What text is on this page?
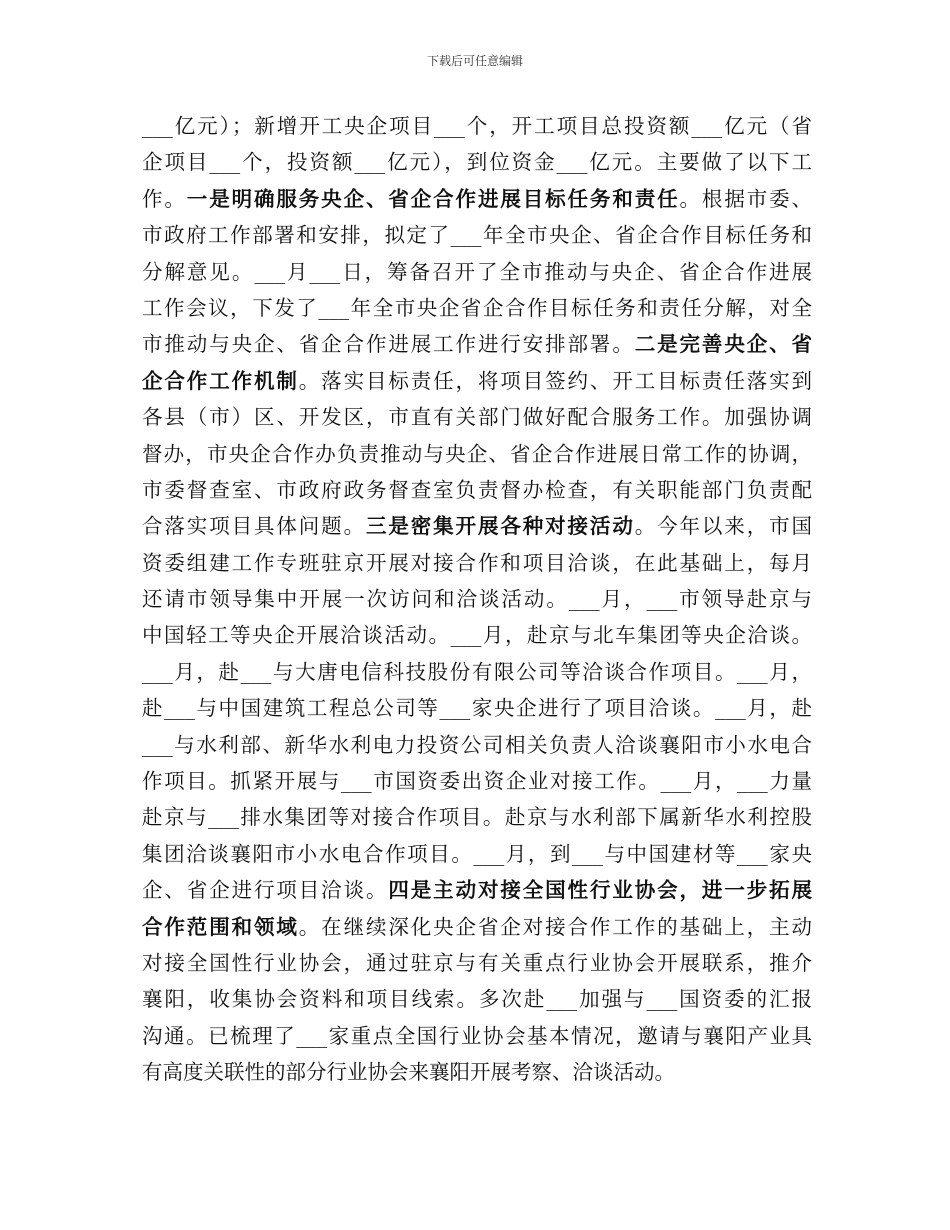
下载后可任意编辑
___亿元）；新增开工央企项目___个，开工项目总投资额___亿元（省
企项目___个，投资额___亿元），到位资金___亿元。主要做了以下工
作。一是明确服务央企、省企合作进展目标任务和责任。根据市委、
市政府工作部署和安排，拟定了___年全市央企、省企合作目标任务和
分解意见。___月___日，筹备召开了全市推动与央企、省企合作进展
工作会议，下发了___年全市央企省企合作目标任务和责任分解，对全
市推动与央企、省企合作进展工作进行安排部署。二是完善央企、省
企合作工作机制。落实目标责任，将项目签约、开工目标责任落实到
各县（市）区、开发区，市直有关部门做好配合服务工作。加强协调
督办，市央企合作办负责推动与央企、省企合作进展日常工作的协调，
市委督查室、市政府政务督查室负责督办检查，有关职能部门负责配
合落实项目具体问题。三是密集开展各种对接活动。今年以来，市国
资委组建工作专班驻京开展对接合作和项目洽谈，在此基础上，每月
还请市领导集中开展一次访问和洽谈活动。___月，___市领导赴京与
中国轻工等央企开展洽谈活动。___月，赴京与北车集团等央企洽谈。
___月，赴___与大唐电信科技股份有限公司等洽谈合作项目。___月，
赴___与中国建筑工程总公司等___家央企进行了项目洽谈。___月，赴
___与水利部、新华水利电力投资公司相关负责人洽谈襄阳市小水电合
作项目。抓紧开展与___市国资委出资企业对接工作。___月，___力量
赴京与___排水集团等对接合作项目。赴京与水利部下属新华水利控股
集团洽谈襄阳市小水电合作项目。___月，到___与中国建材等___家央
企、省企进行项目洽谈。四是主动对接全国性行业协会，进一步拓展
合作范围和领域。在继续深化央企省企对接合作工作的基础上，主动
对接全国性行业协会，通过驻京与有关重点行业协会开展联系，推介
襄阳，收集协会资料和项目线索。多次赴___加强与___国资委的汇报
沟通。已梳理了___家重点全国行业协会基本情况，邀请与襄阳产业具
有高度关联性的部分行业协会来襄阳开展考察、洽谈活动。
